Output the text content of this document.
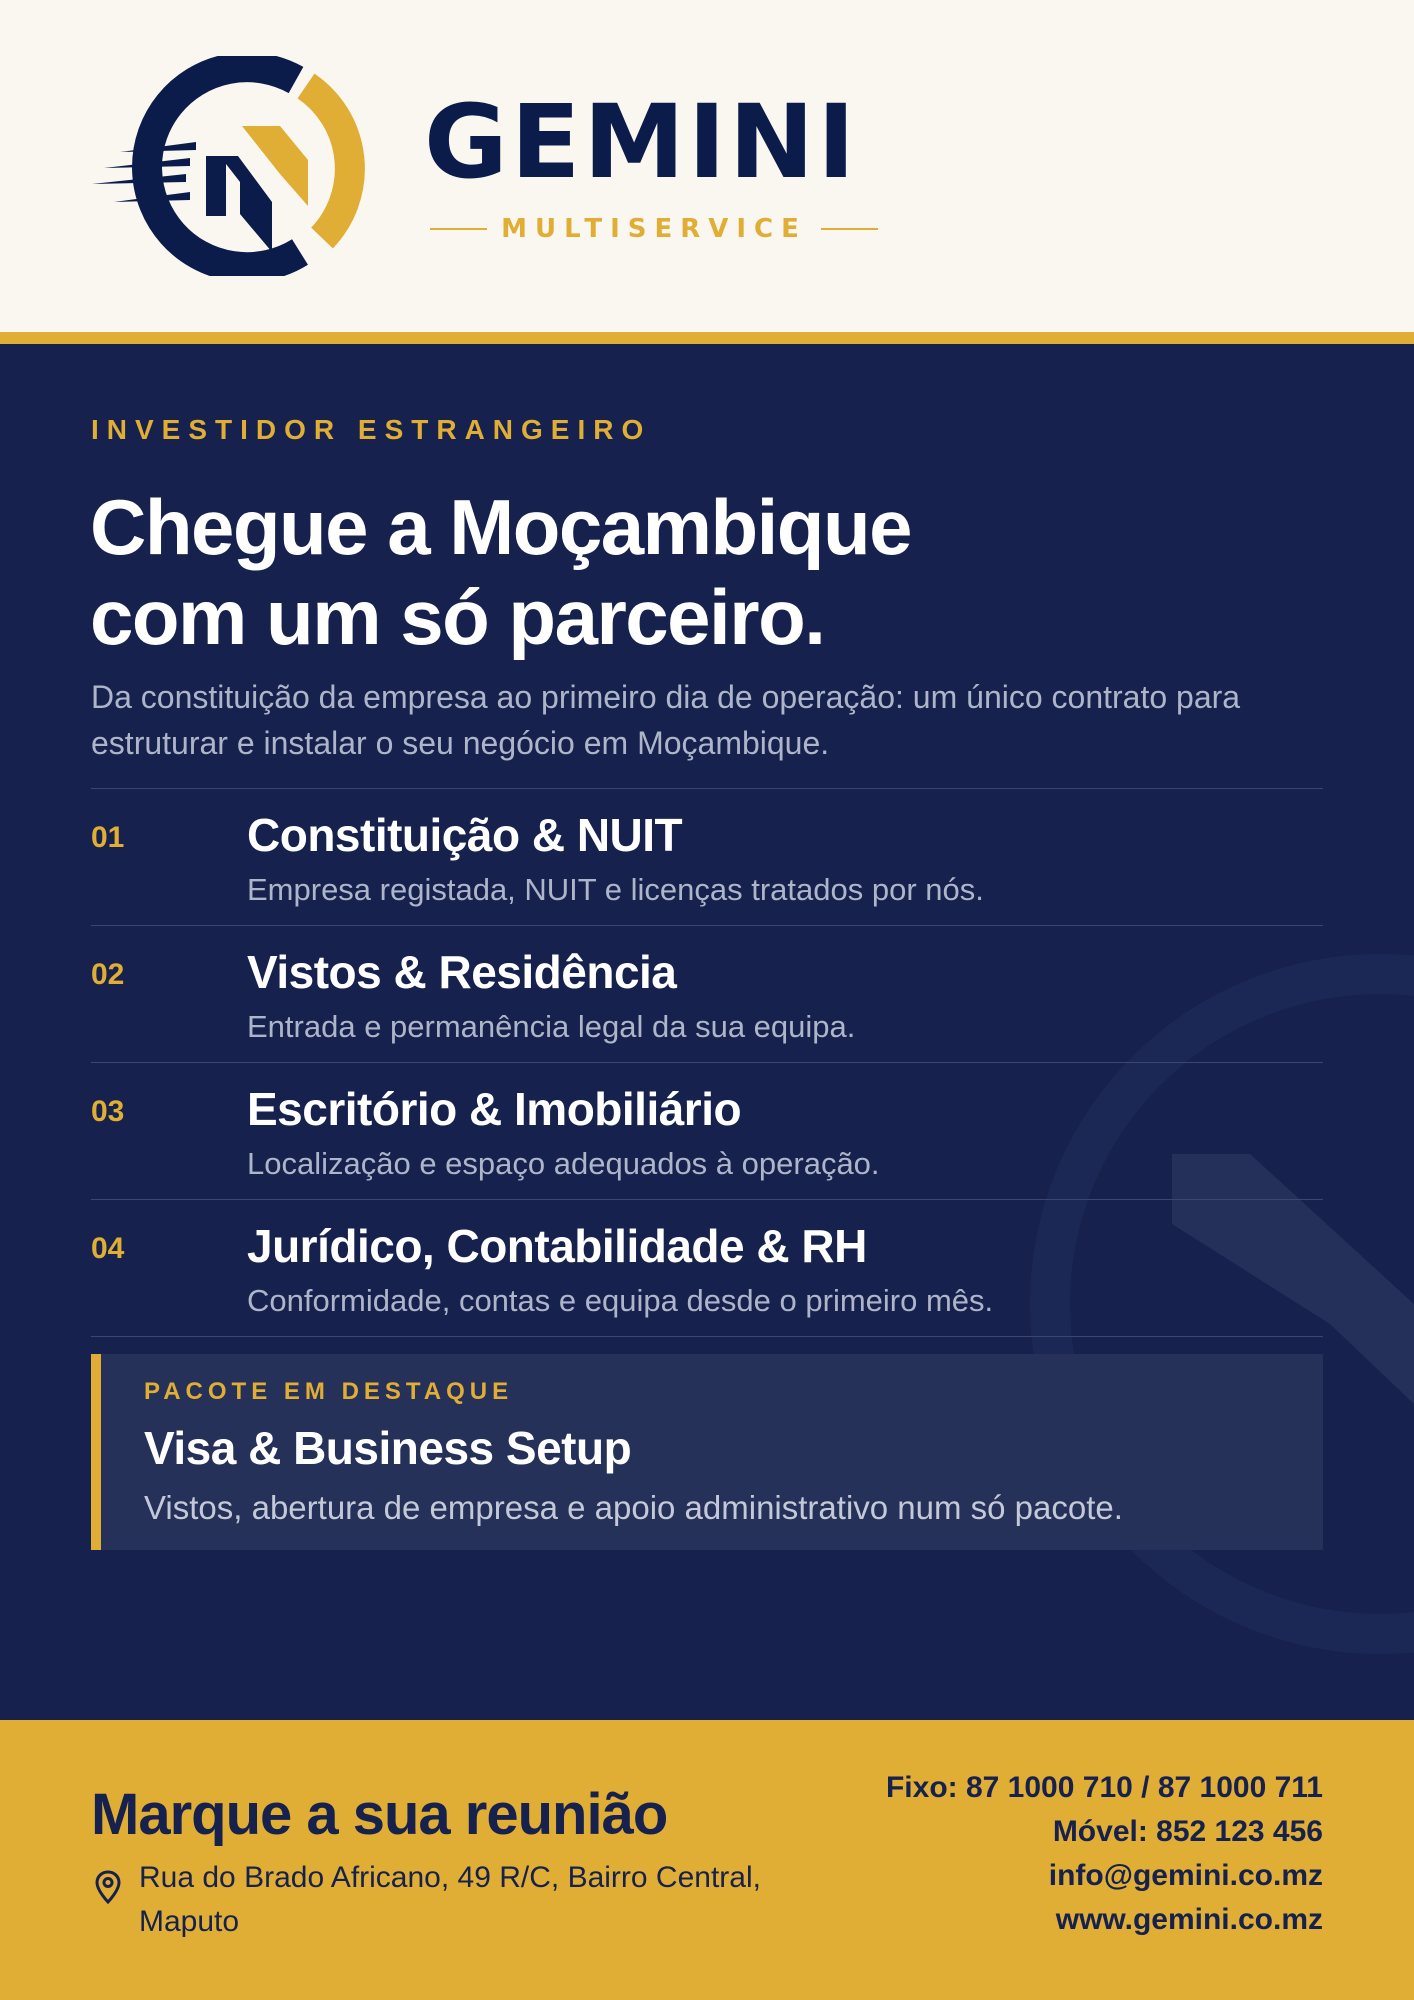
GEMINI
MULTISERVICE
INVESTIDOR ESTRANGEIRO
Chegue a Moçambique
com um só parceiro.

Da constituição da empresa ao primeiro dia de operação: um único contrato para estruturar e instalar o seu negócio em Moçambique.

01	Constituição & NUIT
Empresa registada, NUIT e licenças tratados por nós.
02	Vistos & Residência
Entrada e permanência legal da sua equipa.
03	Escritório & Imobiliário
Localização e espaço adequados à operação.
04	Jurídico, Contabilidade & RH
Conformidade, contas e equipa desde o primeiro mês.
PACOTE EM DESTAQUE
Visa & Business Setup
Vistos, abertura de empresa e apoio administrativo num só pacote.
Marque a sua reunião

Rua do Brado Africano, 49 R/C, Bairro Central, Maputo

Fixo: 87 1000 710 / 87 1000 711
Móvel: 852 123 456
info@gemini.co.mz
www.gemini.co.mz
